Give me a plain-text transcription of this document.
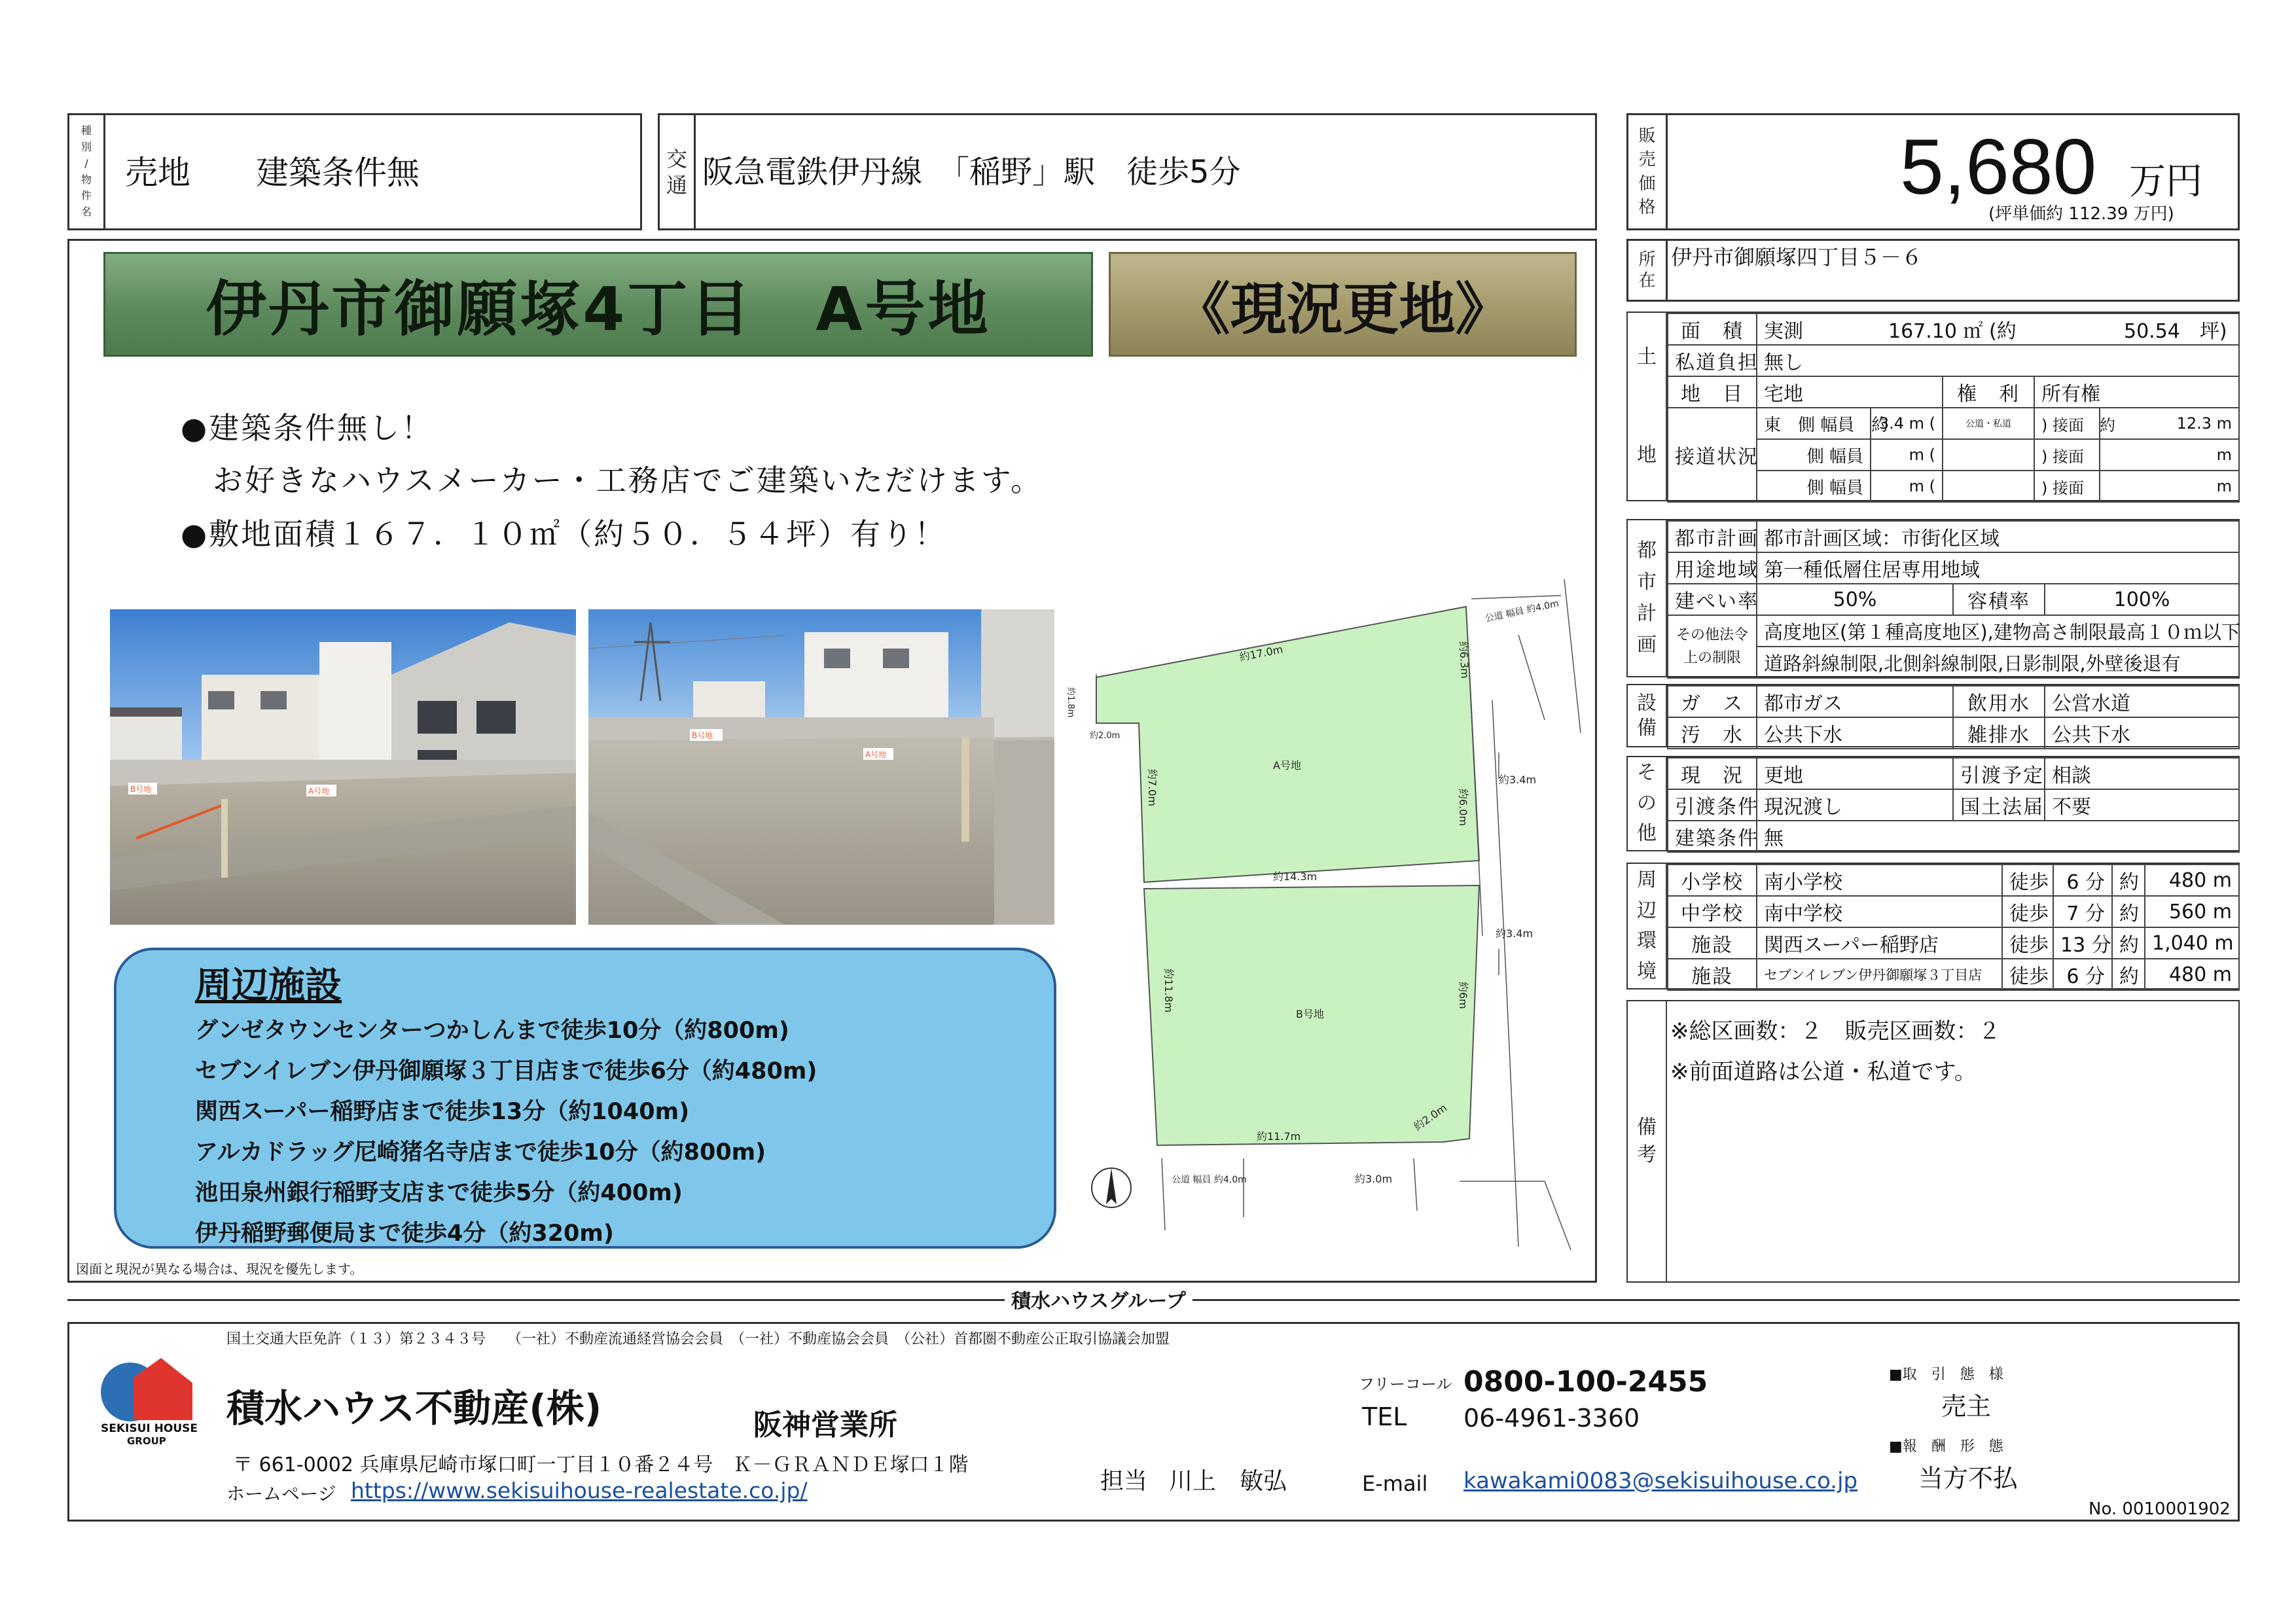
種
別
/
物
件
名
売地　　建築条件無	交
通 阪急電鉄伊丹線　「稲野」駅　徒歩5分
販
売
価
格	5,680 万円
(坪単価約 112.39 万円)
伊丹市御願塚4丁目　A号地	《現況更地》
●建築条件無し！
　お好きなハウスメーカー・工務店でご建築いただけます。
●敷地面積１６７．１０㎡（約５０．５４坪）有り！
B号地	A号地
B号地
A号地
周辺施設
グンゼタウンセンターつかしんまで徒歩10分（約800m)
セブンイレブン伊丹御願塚３丁目店まで徒歩6分（約480m)
関西スーパー稲野店まで徒歩13分（約1040m)
アルカドラッグ尼崎猪名寺店まで徒歩10分（約800m)
池田泉州銀行稲野支店まで徒歩5分（約400m)
伊丹稲野郵便局まで徒歩4分（約320m)
図面と現況が異なる場合は、現況を優先します。
A号地
B号地
約17.0m	約6.3m
約7.0m
約6.0m
約14.3m
約11.8m	約6m
約11.7m
約2.0m
約1.8m
約2.0m
約3.4m
約3.4m
約3.0m
公道 幅員 約4.0m
公道 幅員 約4.0m
所
在
伊丹市御願塚四丁目５－６
土
地
面　積	実測 167.10 ㎡ (約 50.54　坪)				

私道負担	無し				
地　目	宅地		権　利	所有権	
接道状況	東　側 幅員　約	3.4 m (	公道・私道	) 接面　約	12.3 m
	側 幅員	m (		) 接面	m
	側 幅員	m (		) 接面	m
都
市
計
画
都市計画	都市計画区域：市街化区域		
用途地域	第一種低層住居専用地域		
建ぺい率	50%	容積率	100%

その他法令
上の制限	高度地区(第１種高度地区),建物高さ制限最高１０ｍ以下		
	道路斜線制限,北側斜線制限,日影制限,外壁後退有		
設
備
ガ　ス	都市ガス	飲用水	公営水道
汚　水	公共下水	雑排水	公共下水
そ
の
他
現　況	更地	引渡予定	相談
引渡条件	現況渡し	国土法届	不要
建築条件	無		
周
辺
環
境
小学校	南小学校	徒歩	6 分	約	480 m
中学校	南中学校	徒歩	7 分	約	560 m
施設	関西スーパー稲野店	徒歩	13 分	約	1,040 m
施設	セブンイレブン伊丹御願塚３丁目店	徒歩	6 分	約	480 m
備
考
※総区画数：２　販売区画数：２
※前面道路は公道・私道です。
積水ハウスグループ
国土交通大臣免許（１３）第２３４３号　　（一社）不動産流通経営協会会員　（一社）不動産協会会員　（公社）首都圏不動産公正取引協議会加盟
SEKISUI HOUSE
GROUP
積水ハウス不動産(株)	阪神営業所
〒 661-0002 兵庫県尼崎市塚口町一丁目１０番２４号　Ｋ－ＧＲＡＮＤＥ塚口１階
ホームページ https://www.sekisuihouse-realestate.co.jp/	担当 川上　敏弘
フリーコール 0800-100-2455
TEL 06-4961-3360
E-mail kawakami0083@sekisuihouse.co.jp
■取　引　態　様
売主
■報　酬　形　態
当方不払
No. 0010001902
